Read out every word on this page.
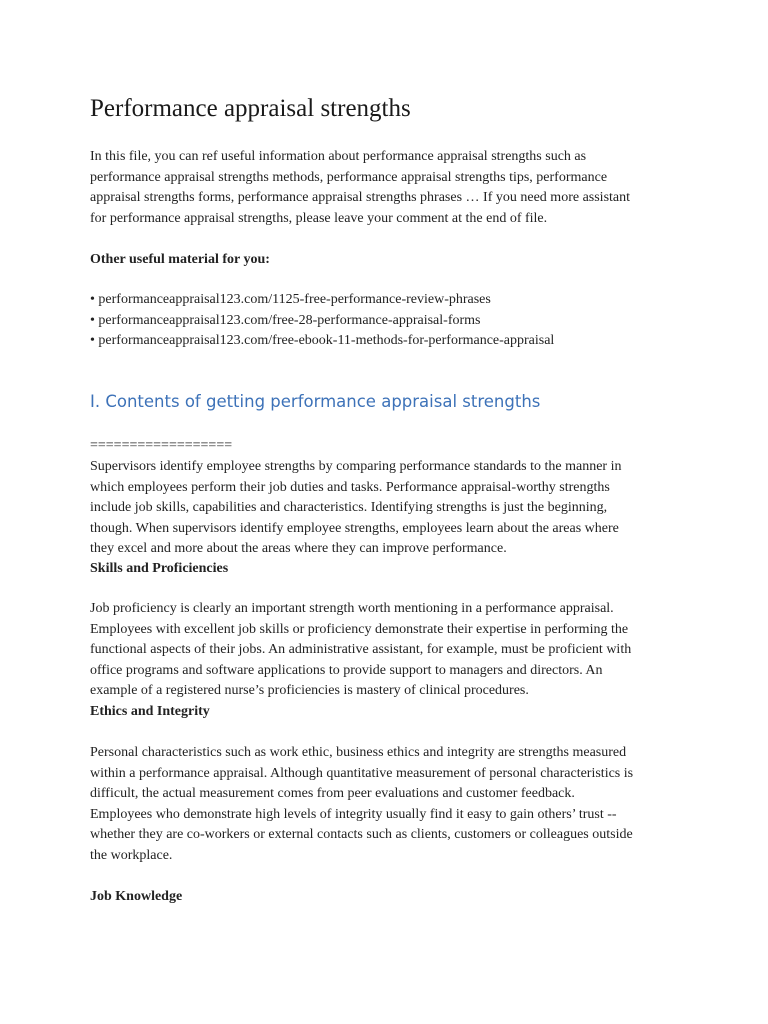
Performance appraisal strengths
In this file, you can ref useful information about performance appraisal strengths such as
performance appraisal strengths methods, performance appraisal strengths tips, performance
appraisal strengths forms, performance appraisal strengths phrases … If you need more assistant
for performance appraisal strengths, please leave your comment at the end of file.
Other useful material for you:
• performanceappraisal123.com/1125-free-performance-review-phrases
• performanceappraisal123.com/free-28-performance-appraisal-forms
• performanceappraisal123.com/free-ebook-11-methods-for-performance-appraisal
I. Contents of getting performance appraisal strengths
==================
Supervisors identify employee strengths by comparing performance standards to the manner in
which employees perform their job duties and tasks. Performance appraisal-worthy strengths
include job skills, capabilities and characteristics. Identifying strengths is just the beginning,
though. When supervisors identify employee strengths, employees learn about the areas where
they excel and more about the areas where they can improve performance.
Skills and Proficiencies
Job proficiency is clearly an important strength worth mentioning in a performance appraisal.
Employees with excellent job skills or proficiency demonstrate their expertise in performing the
functional aspects of their jobs. An administrative assistant, for example, must be proficient with
office programs and software applications to provide support to managers and directors. An
example of a registered nurse’s proficiencies is mastery of clinical procedures.
Ethics and Integrity
Personal characteristics such as work ethic, business ethics and integrity are strengths measured
within a performance appraisal. Although quantitative measurement of personal characteristics is
difficult, the actual measurement comes from peer evaluations and customer feedback.
Employees who demonstrate high levels of integrity usually find it easy to gain others’ trust --
whether they are co-workers or external contacts such as clients, customers or colleagues outside
the workplace.
Job Knowledge
